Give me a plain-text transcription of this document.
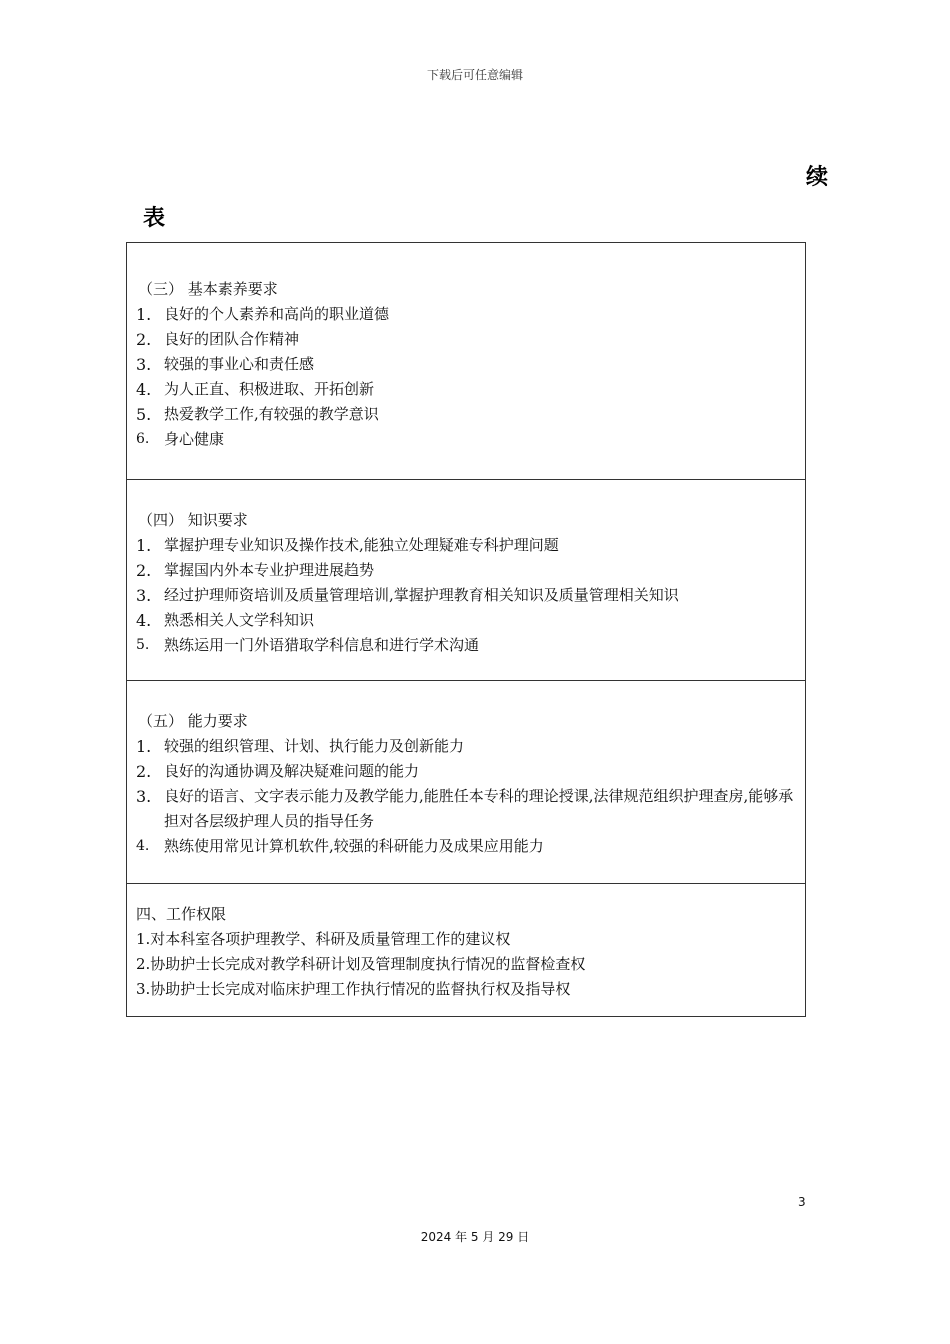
下载后可任意编辑
续
表
（三） 基本素养要求
1. 良好的个人素养和高尚的职业道德
2. 良好的团队合作精神
3. 较强的事业心和责任感
4. 为人正直、积极进取、开拓创新
5. 热爱教学工作,有较强的教学意识
6. 身心健康
（四） 知识要求
1. 掌握护理专业知识及操作技术,能独立处理疑难专科护理问题
2. 掌握国内外本专业护理进展趋势
3. 经过护理师资培训及质量管理培训,掌握护理教育相关知识及质量管理相关知识
4. 熟悉相关人文学科知识
5. 熟练运用一门外语猎取学科信息和进行学术沟通
（五） 能力要求
1. 较强的组织管理、计划、执行能力及创新能力
2. 良好的沟通协调及解决疑难问题的能力
3. 良好的语言、文字表示能力及教学能力,能胜任本专科的理论授课,法律规范组织护理查房,能够承担对各层级护理人员的指导任务
4. 熟练使用常见计算机软件,较强的科研能力及成果应用能力
四、工作权限
1.对本科室各项护理教学、科研及质量管理工作的建议权
2.协助护士长完成对教学科研计划及管理制度执行情况的监督检查权
3.协助护士长完成对临床护理工作执行情况的监督执行权及指导权
3
2024 年 5 月 29 日
